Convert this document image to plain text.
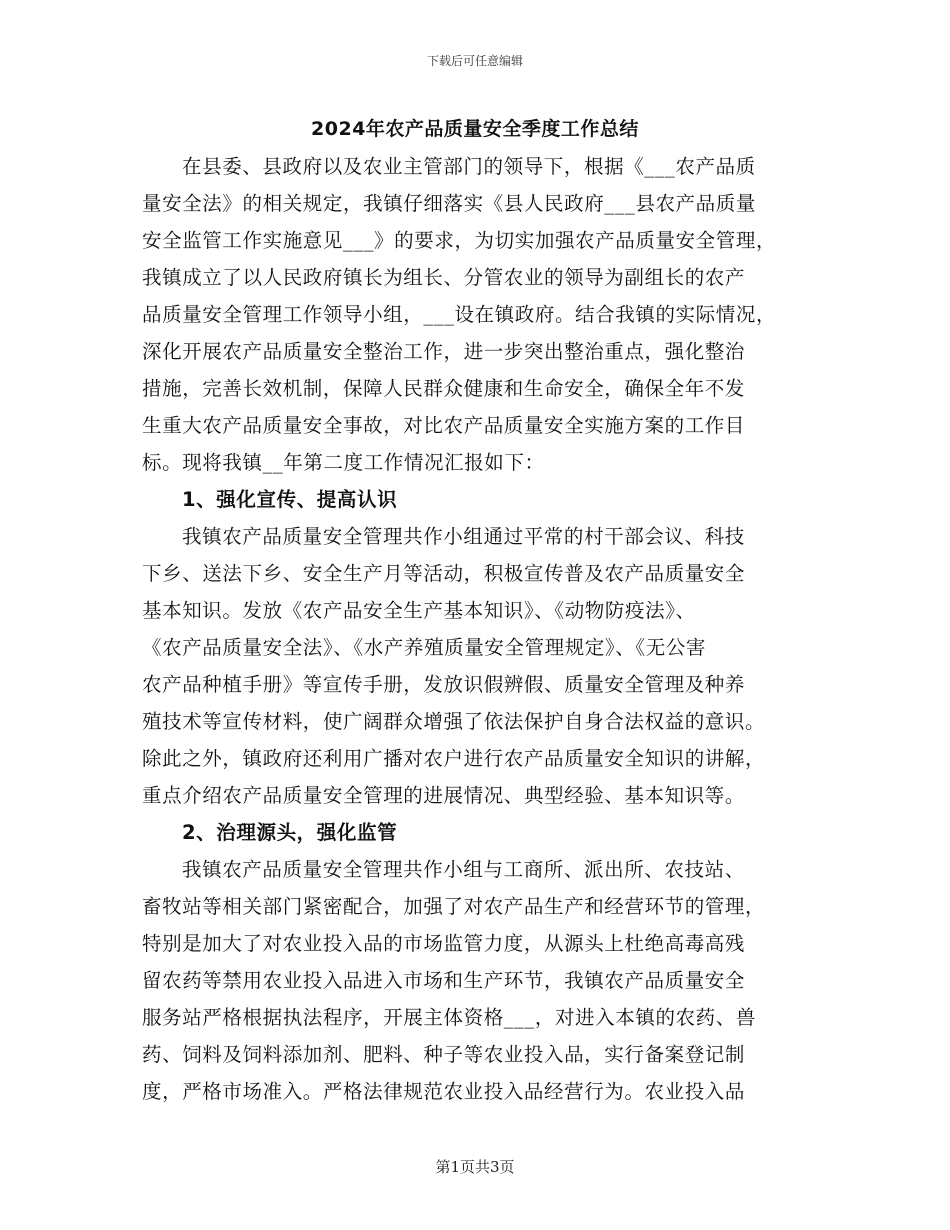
下载后可任意编辑
2024年农产品质量安全季度工作总结
在县委、县政府以及农业主管部门的领导下，根据《___农产品质
量安全法》的相关规定，我镇仔细落实《县人民政府___县农产品质量
安全监管工作实施意见___》的要求，为切实加强农产品质量安全管理，
我镇成立了以人民政府镇长为组长、分管农业的领导为副组长的农产
品质量安全管理工作领导小组，___设在镇政府。结合我镇的实际情况，
深化开展农产品质量安全整治工作，进一步突出整治重点，强化整治
措施，完善长效机制，保障人民群众健康和生命安全，确保全年不发
生重大农产品质量安全事故，对比农产品质量安全实施方案的工作目
标。现将我镇__年第二度工作情况汇报如下：
1、强化宣传、提高认识
我镇农产品质量安全管理共作小组通过平常的村干部会议、科技
下乡、送法下乡、安全生产月等活动，积极宣传普及农产品质量安全
基本知识。发放《农产品安全生产基本知识》、《动物防疫法》、
《农产品质量安全法》、《水产养殖质量安全管理规定》、《无公害
农产品种植手册》等宣传手册，发放识假辨假、质量安全管理及种养
殖技术等宣传材料，使广阔群众增强了依法保护自身合法权益的意识。
除此之外，镇政府还利用广播对农户进行农产品质量安全知识的讲解，
重点介绍农产品质量安全管理的进展情况、典型经验、基本知识等。
2、治理源头，强化监管
我镇农产品质量安全管理共作小组与工商所、派出所、农技站、
畜牧站等相关部门紧密配合，加强了对农产品生产和经营环节的管理，
特别是加大了对农业投入品的市场监管力度，从源头上杜绝高毒高残
留农药等禁用农业投入品进入市场和生产环节，我镇农产品质量安全
服务站严格根据执法程序，开展主体资格___，对进入本镇的农药、兽
药、饲料及饲料添加剂、肥料、种子等农业投入品，实行备案登记制
度，严格市场准入。严格法律规范农业投入品经营行为。农业投入品
第1页共3页
